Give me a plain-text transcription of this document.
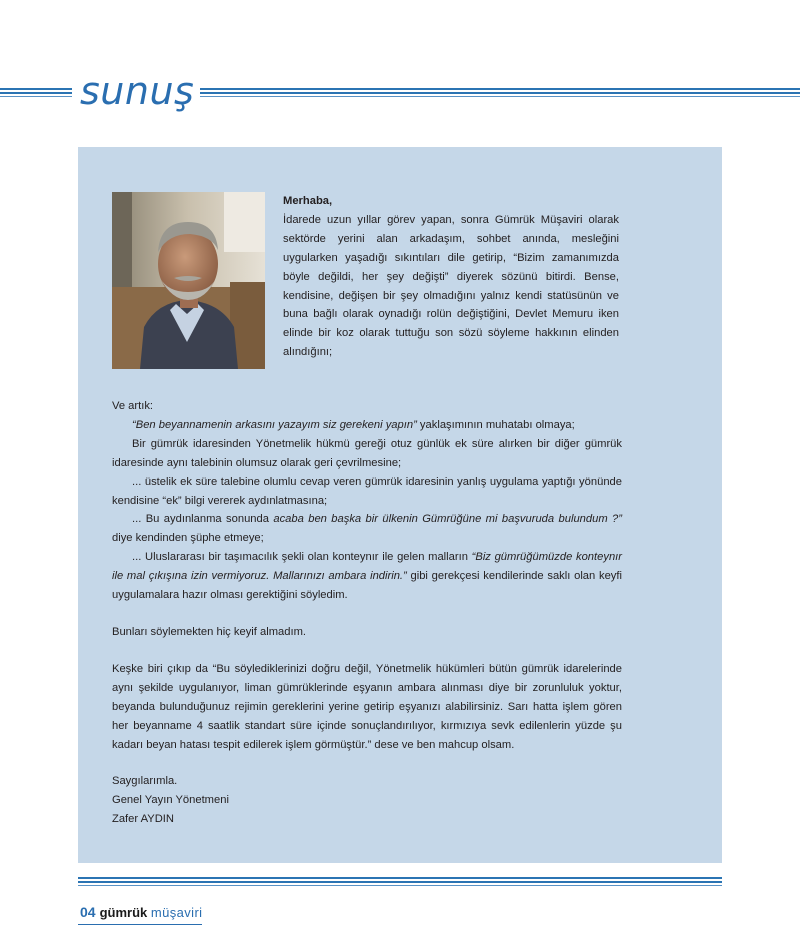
sunuş

Merhaba,

İdarede uzun yıllar görev yapan, sonra Gümrük Müşaviri olarak sektörde yerini alan arkadaşım, sohbet anında, mesleğini uygularken yaşadığı sıkıntıları dile getirip, “Bizim zamanımızda böyle değildi, her şey değişti” diyerek sözünü bitirdi. Bense, kendisine, değişen bir şey olmadığını yalnız kendi statüsünün ve buna bağlı olarak oynadığı rolün değiştiğini, Devlet Memuru iken elinde bir koz olarak tuttuğu son sözü söyleme hakkının elinden alındığını;

Ve artık:

“Ben beyannamenin arkasını yazayım siz gerekeni yapın” yaklaşımının muhatabı olmaya;

Bir gümrük idaresinden Yönetmelik hükmü gereği otuz günlük ek süre alırken bir diğer gümrük idaresinde aynı talebinin olumsuz olarak geri çevrilmesine;

... üstelik ek süre talebine olumlu cevap veren gümrük idaresinin yanlış uygulama yaptığı yönünde kendisine “ek” bilgi vererek aydınlatmasına;

... Bu aydınlanma sonunda acaba ben başka bir ülkenin Gümrüğüne mi başvuruda bulundum ?” diye kendinden şüphe etmeye;

... Uluslararası bir taşımacılık şekli olan konteynır ile gelen malların “Biz gümrüğümüzde konteynır ile mal çıkışına izin vermiyoruz. Mallarınızı ambara indirin.” gibi gerekçesi kendilerinde saklı olan keyfi uygulamalara hazır olması gerektiğini söyledim.

Bunları söylemekten hiç keyif almadım.

Keşke biri çıkıp da “Bu söylediklerinizi doğru değil, Yönetmelik hükümleri bütün gümrük idarelerinde aynı şekilde uygulanıyor, liman gümrüklerinde eşyanın ambara alınması diye bir zorunluluk yoktur, beyanda bulunduğunuz rejimin gereklerini yerine getirip eşyanızı alabilirsiniz. Sarı hatta işlem gören her beyanname 4 saatlik standart süre içinde sonuçlandırılıyor, kırmızıya sevk edilenlerin yüzde şu kadarı beyan hatası tespit edilerek işlem görmüştür.” dese ve ben mahcup olsam.

Saygılarımla.

Genel Yayın Yönetmeni

Zafer AYDIN

04 gümrük müşaviri
